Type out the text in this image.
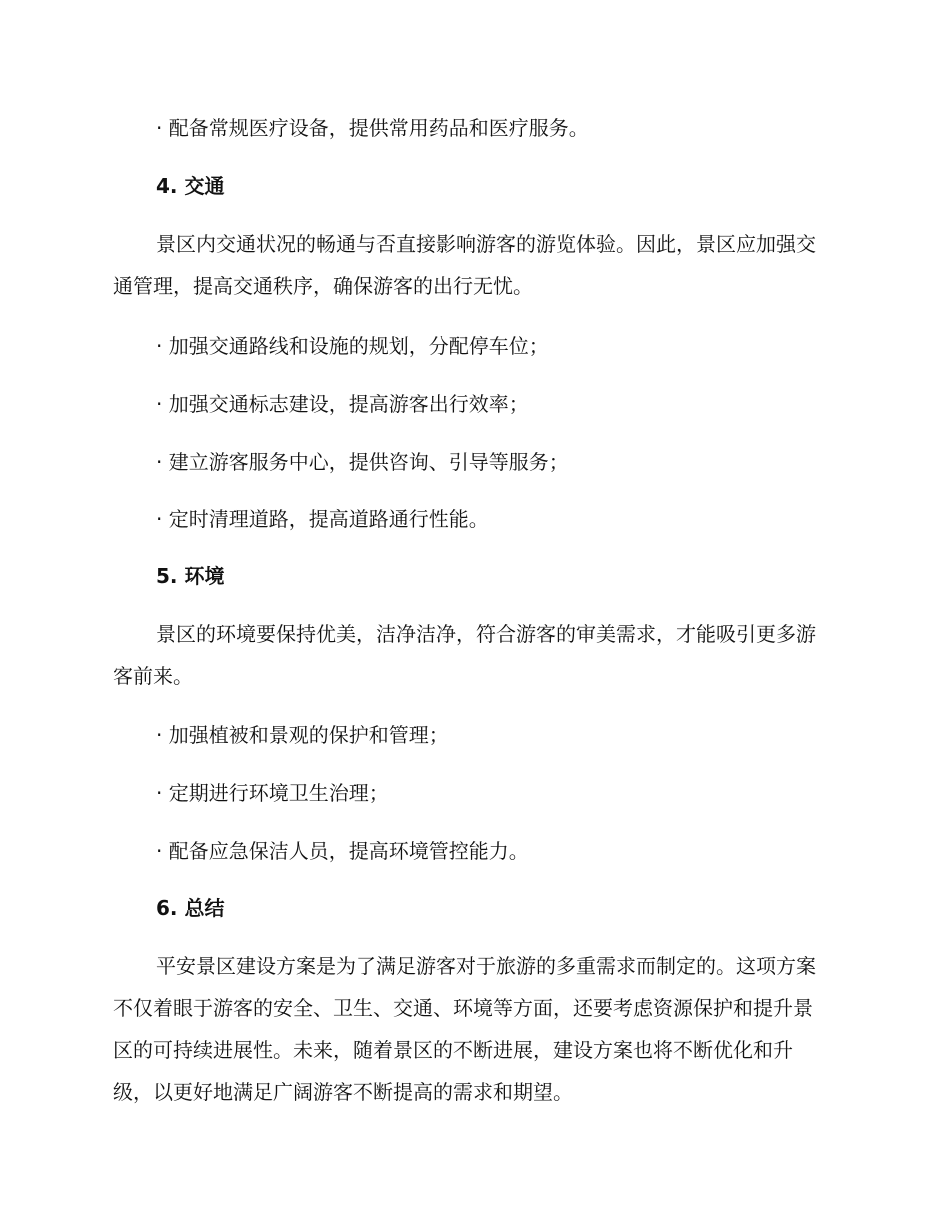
· 配备常规医疗设备，提供常用药品和医疗服务。

4. 交通

景区内交通状况的畅通与否直接影响游客的游览体验。因此，景区应加强交通管理，提高交通秩序，确保游客的出行无忧。

· 加强交通路线和设施的规划，分配停车位；

· 加强交通标志建设，提高游客出行效率；

· 建立游客服务中心，提供咨询、引导等服务；

· 定时清理道路，提高道路通行性能。

5. 环境

景区的环境要保持优美，洁净洁净，符合游客的审美需求，才能吸引更多游客前来。

· 加强植被和景观的保护和管理；

· 定期进行环境卫生治理；

· 配备应急保洁人员，提高环境管控能力。

6. 总结

平安景区建设方案是为了满足游客对于旅游的多重需求而制定的。这项方案不仅着眼于游客的安全、卫生、交通、环境等方面，还要考虑资源保护和提升景区的可持续进展性。未来，随着景区的不断进展，建设方案也将不断优化和升级，以更好地满足广阔游客不断提高的需求和期望。
